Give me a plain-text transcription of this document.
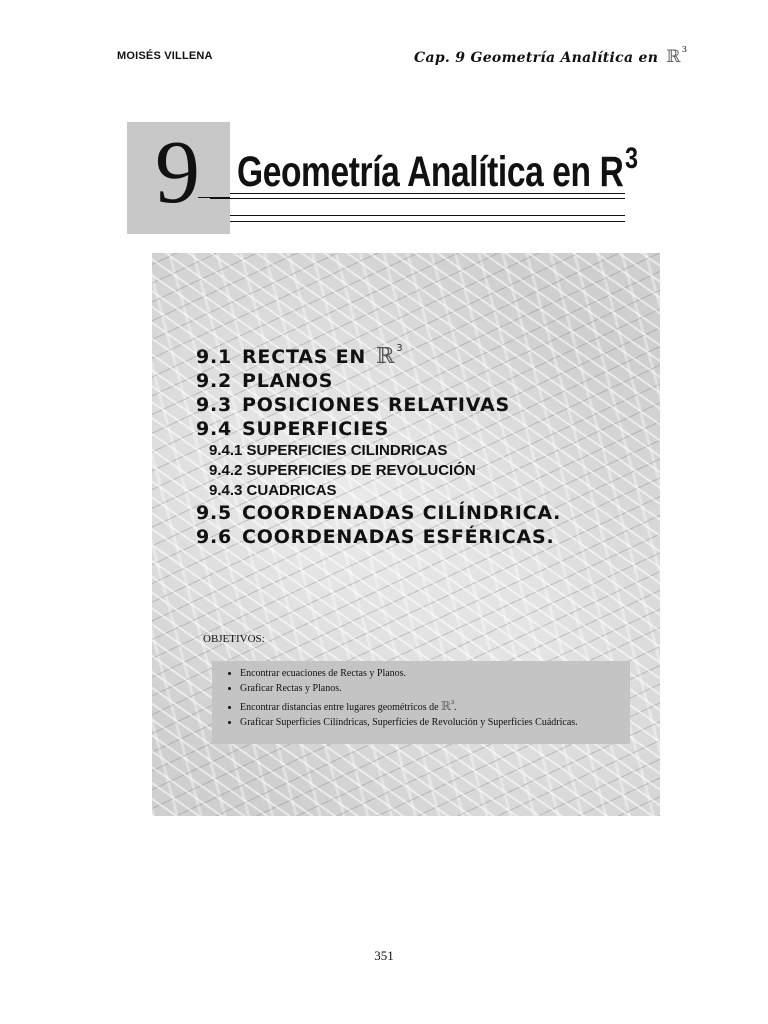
MOISÉS VILLENA	Cap. 9 Geometría Analítica en ℝ$^3$
9 Geometría Analítica en $R^3$
9.1 RECTAS EN ℝ$^3$
9.2 PLANOS
9.3 POSICIONES RELATIVAS
9.4 SUPERFICIES
9.4.1 SUPERFICIES CILINDRICAS
9.4.2 SUPERFICIES DE REVOLUCIÓN
9.4.3 CUADRICAS
9.5 COORDENADAS CILÍNDRICA.
9.6 COORDENADAS ESFÉRICAS.
OBJETIVOS:
• Encontrar ecuaciones de Rectas y Planos.
• Graficar Rectas y Planos.
• Encontrar distancias entre lugares geométricos de ℝ$^3$.
• Graficar Superficies Cilíndricas, Superficies de Revolución y Superficies Cuádricas.
351
